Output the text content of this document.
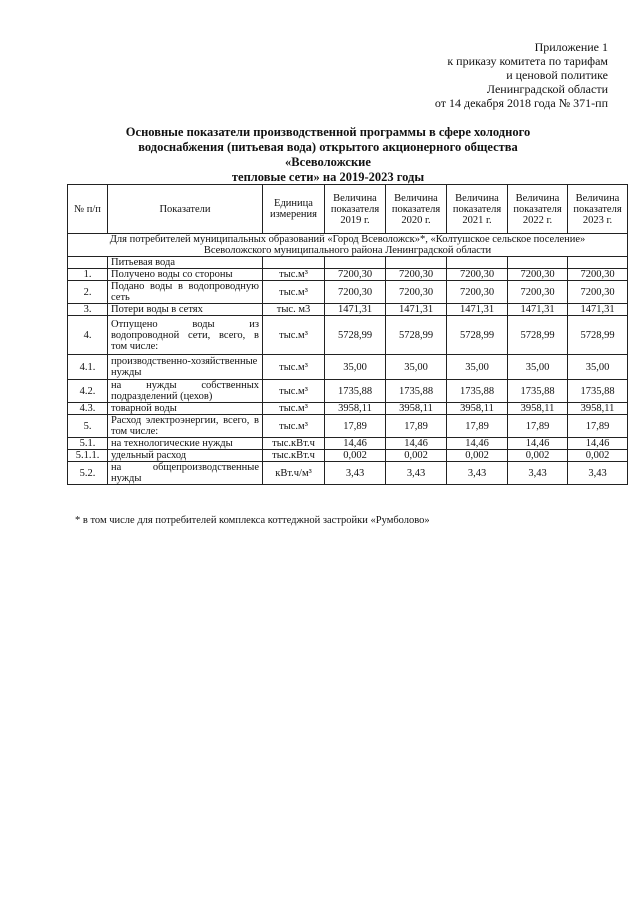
Приложение 1
к приказу комитета по тарифам
и ценовой политике
Ленинградской области
от 14 декабря 2018 года № 371-пп
Основные показатели производственной программы в сфере холодного
водоснабжения (питьевая вода) открытого акционерного общества «Всеволожские
тепловые сети» на 2019-2023 годы
№ п/п	Показатели	Единица измерения	Величина показателя 2019 г.	Величина показателя 2020 г.	Величина показателя 2021 г.	Величина показателя 2022 г.	Величина показателя 2023 г.

Для потребителей муниципальных образований «Город Всеволожск»*, «Колтушское сельское поселение»
Всеволожского муниципального района Ленинградской области							

	Питьевая вода						
1.	Получено воды со стороны	тыс.м³	7200,30	7200,30	7200,30	7200,30	7200,30
2.	Подано воды в водопроводную сеть	тыс.м³	7200,30	7200,30	7200,30	7200,30	7200,30
3.	Потери воды в сетях	тыс. м3	1471,31	1471,31	1471,31	1471,31	1471,31
4.	Отпущено воды из водопроводной сети, всего, в том числе:	тыс.м³	5728,99	5728,99	5728,99	5728,99	5728,99
4.1.	производственно-хозяйственные нужды	тыс.м³	35,00	35,00	35,00	35,00	35,00
4.2.	на нужды собственных подразделений (цехов)	тыс.м³	1735,88	1735,88	1735,88	1735,88	1735,88
4.3.	товарной воды	тыс.м³	3958,11	3958,11	3958,11	3958,11	3958,11
5.	Расход электроэнергии, всего, в том числе:	тыс.м³	17,89	17,89	17,89	17,89	17,89
5.1.	на технологические нужды	тыс.кВт.ч	14,46	14,46	14,46	14,46	14,46
5.1.1.	удельный расход	тыс.кВт.ч	0,002	0,002	0,002	0,002	0,002
5.2.	на общепроизводственные нужды	кВт.ч/м³	3,43	3,43	3,43	3,43	3,43
* в том числе для потребителей комплекса коттеджной застройки «Румболово»
